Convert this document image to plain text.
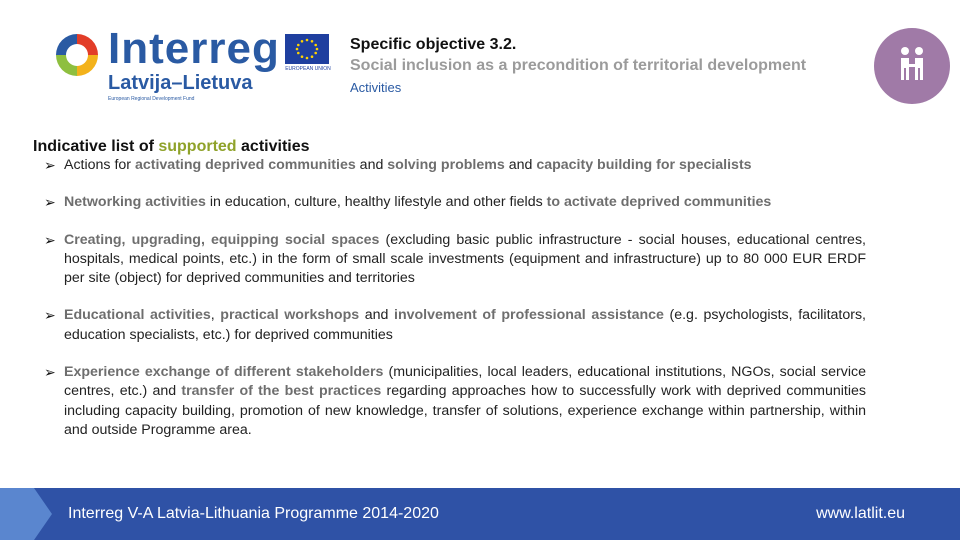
Interreg	EUROPEAN UNION
Latvija–Lietuva
European Regional Development Fund
Specific objective 3.2.
Social inclusion as a precondition of territorial development
Activities
Indicative list of supported activities
➢ Actions for activating deprived communities and solving problems and capacity building for specialists
➢ Networking activities in education, culture, healthy lifestyle and other fields to activate deprived communities
➢ Creating, upgrading, equipping social spaces (excluding basic public infrastructure - social houses, educational centres, hospitals, medical points, etc.) in the form of small scale investments (equipment and infrastructure) up to 80 000 EUR ERDF per site (object) for deprived communities and territories
➢ Educational activities, practical workshops and involvement of professional assistance (e.g. psychologists, facilitators, education specialists, etc.) for deprived communities
➢ Experience exchange of different stakeholders (municipalities, local leaders, educational institutions, NGOs, social service centres, etc.) and transfer of the best practices regarding approaches how to successfully work with deprived communities including capacity building, promotion of new knowledge, transfer of solutions, experience exchange within partnership, within and outside Programme area.
Interreg V-A Latvia-Lithuania Programme 2014-2020	www.latlit.eu
